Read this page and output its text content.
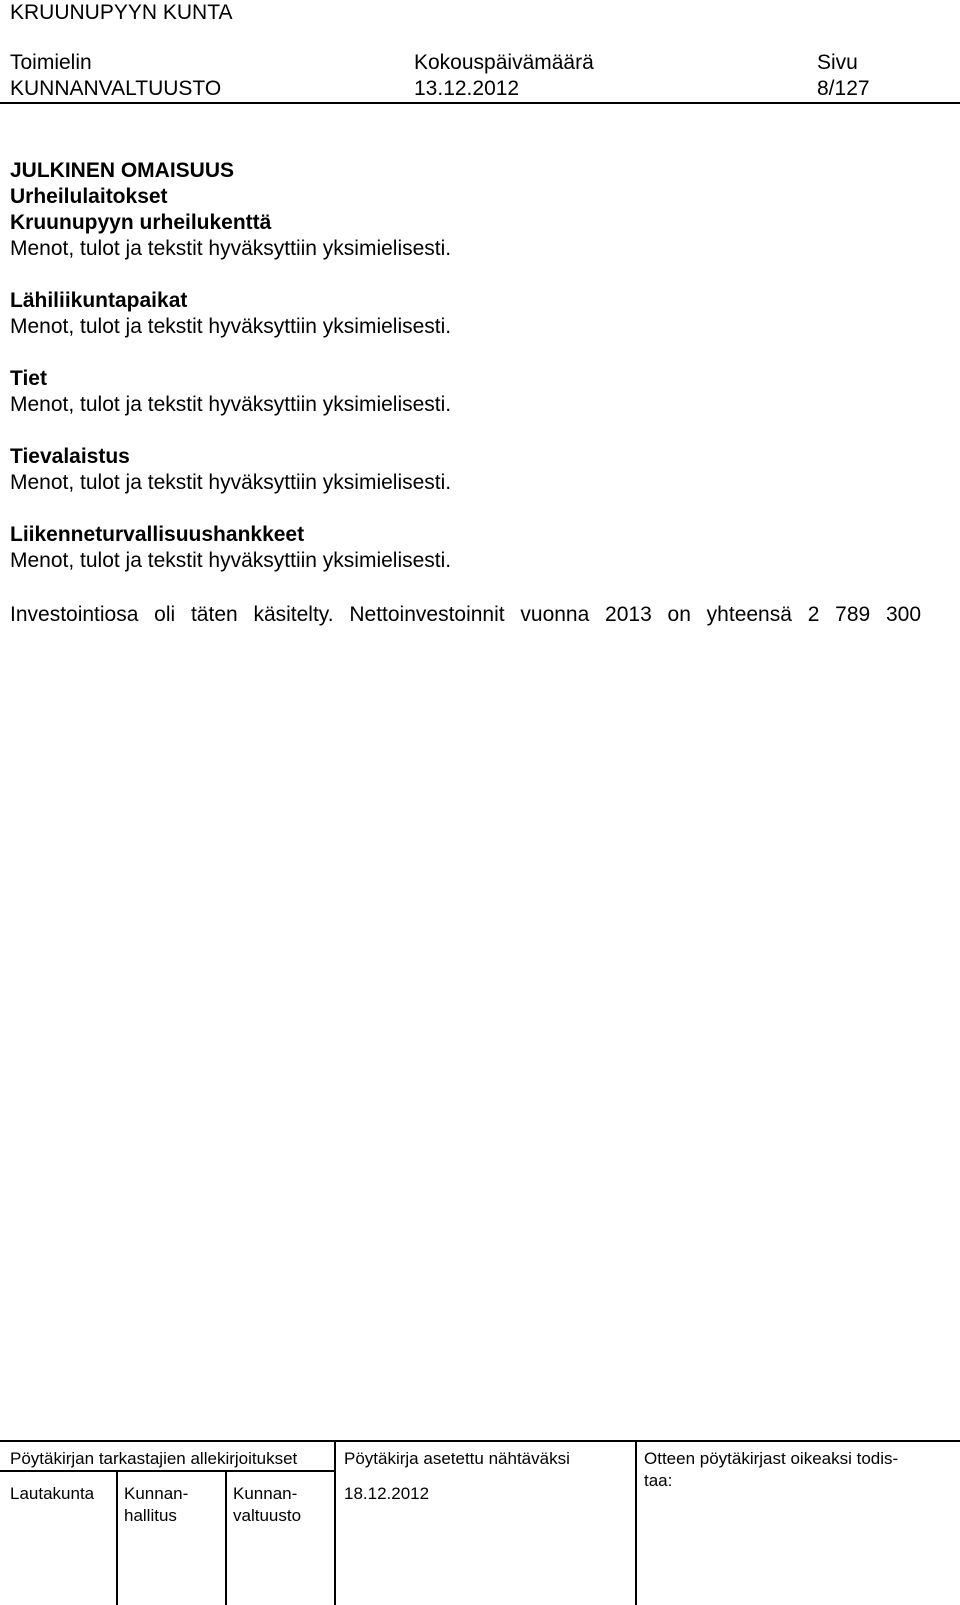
KRUUNUPYYN KUNTA
Toimielin
KUNNANVALTUUSTO
Kokouspäivämäärä
13.12.2012
Sivu
8/127
JULKINEN OMAISUUS
Urheilulaitokset
Kruunupyyn urheilukenttä
Menot, tulot ja tekstit hyväksyttiin yksimielisesti.
Lähiliikuntapaikat
Menot, tulot ja tekstit hyväksyttiin yksimielisesti.
Tiet
Menot, tulot ja tekstit hyväksyttiin yksimielisesti.
Tievalaistus
Menot, tulot ja tekstit hyväksyttiin yksimielisesti.
Liikenneturvallisuushankkeet
Menot, tulot ja tekstit hyväksyttiin yksimielisesti.
Investointiosa oli täten käsitelty. Nettoinvestoinnit vuonna 2013 on yhteensä 2 789 300
Pöytäkirjan tarkastajien allekirjoitukset
Lautakunta Kunnan-
hallitus
Kunnan-
valtuusto
Pöytäkirja asetettu nähtäväksi
18.12.2012
Otteen pöytäkirjast oikeaksi todis-
taa:
